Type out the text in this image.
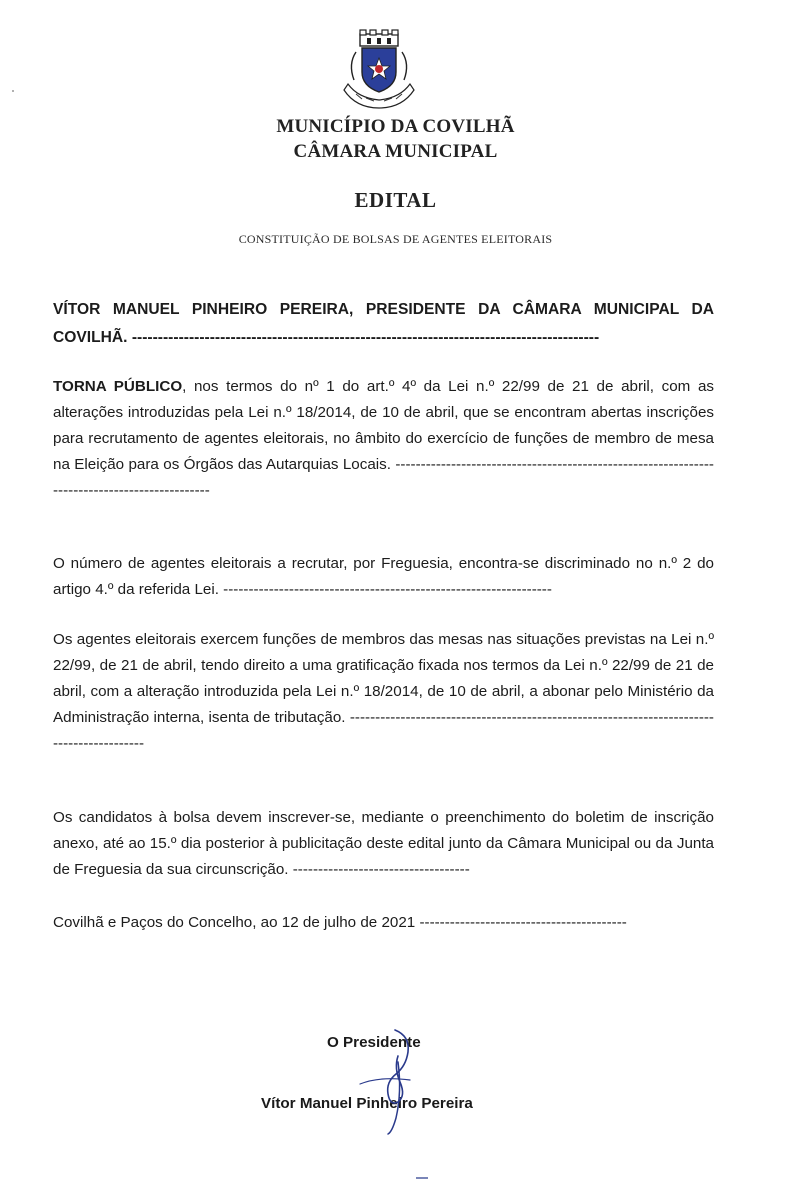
MUNICÍPIO DA COVILHÃ
CÂMARA MUNICIPAL
EDITAL
CONSTITUIÇÃO DE BOLSAS DE AGENTES ELEITORAIS
VÍTOR MANUEL PINHEIRO PEREIRA, PRESIDENTE DA CÂMARA MUNICIPAL DA COVILHÃ. ------------------------------------------------------------------------------------------
TORNA PÚBLICO, nos termos do nº 1 do art.º 4º da Lei n.º 22/99 de 21 de abril, com as alterações introduzidas pela Lei n.º 18/2014, de 10 de abril, que se encontram abertas inscrições para recrutamento de agentes eleitorais, no âmbito do exercício de funções de membro de mesa na Eleição para os Órgãos das Autarquias Locais. ----------------------------------------------------------------------------------------------
O número de agentes eleitorais a recrutar, por Freguesia, encontra-se discriminado no n.º 2 do artigo 4.º da referida Lei. -----------------------------------------------------------------
Os agentes eleitorais exercem funções de membros das mesas nas situações previstas na Lei n.º 22/99, de 21 de abril, tendo direito a uma gratificação fixada nos termos da Lei n.º 22/99 de 21 de abril, com a alteração introduzida pela Lei n.º 18/2014, de 10 de abril, a abonar pelo Ministério da Administração interna, isenta de tributação. ------------------------------------------------------------------------------------------
Os candidatos à bolsa devem inscrever-se, mediante o preenchimento do boletim de inscrição anexo, até ao 15.º dia posterior à publicitação deste edital junto da Câmara Municipal ou da Junta de Freguesia da sua circunscrição. -----------------------------------
Covilhã e Paços do Concelho, ao 12 de julho de 2021 -----------------------------------------
O Presidente
Vítor Manuel Pinheiro Pereira
